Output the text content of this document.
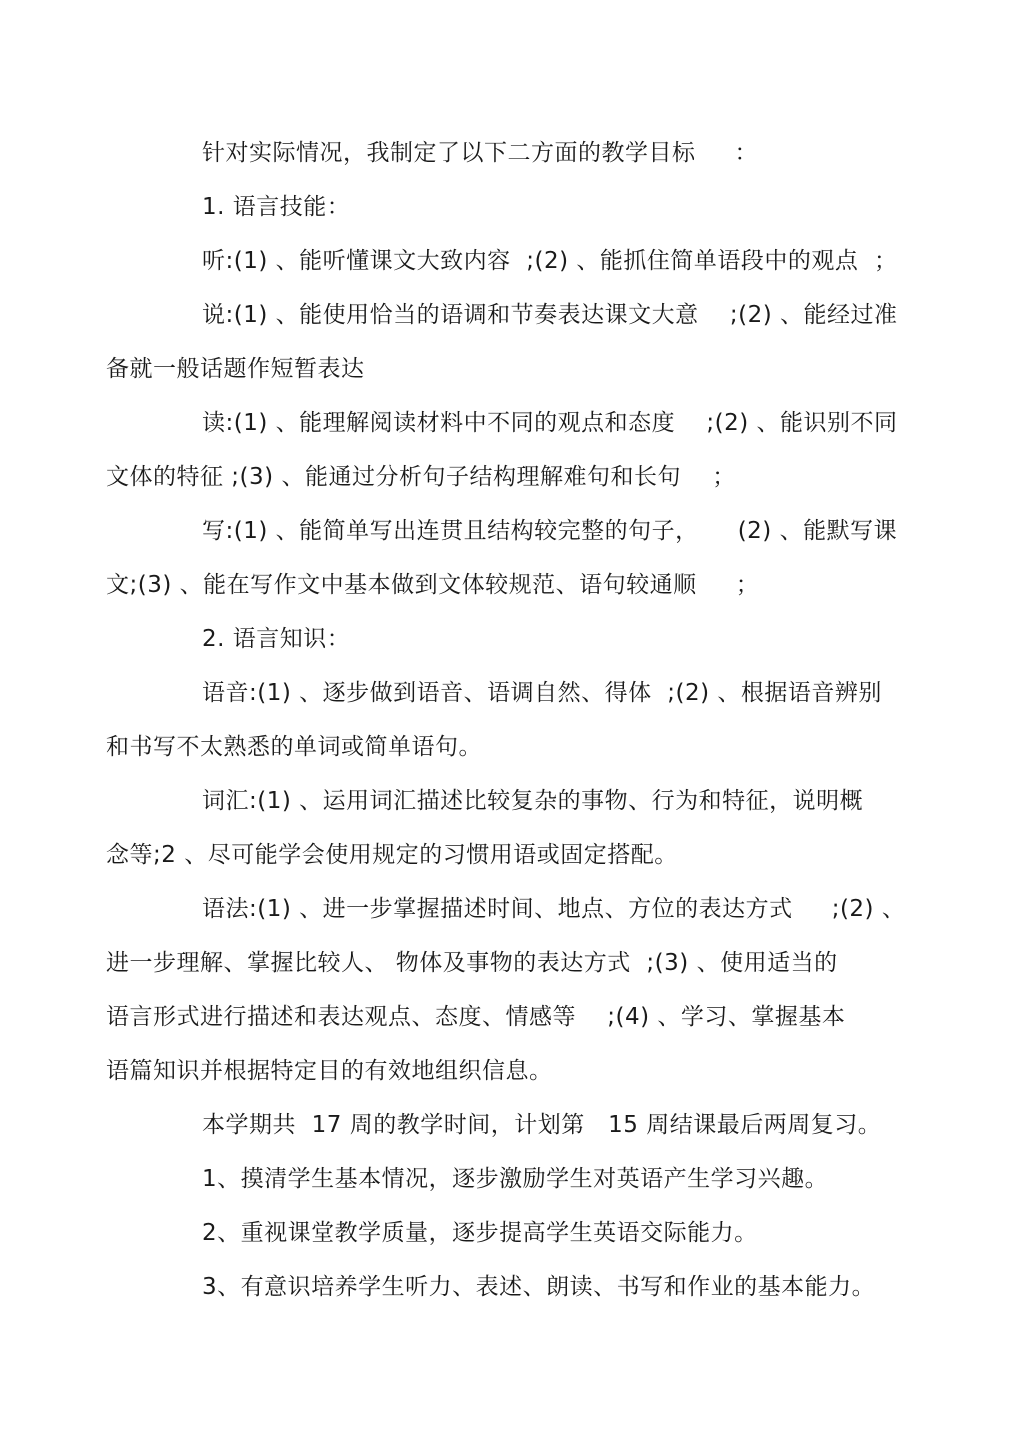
针对实际情况，我制定了以下二方面的教学目标     ：

1. 语言技能：

听:(1) 、能听懂课文大致内容  ;(2) 、能抓住简单语段中的观点  ；

说:(1) 、能使用恰当的语调和节奏表达课文大意    ;(2) 、能经过准
备就一般话题作短暂表达

读:(1) 、能理解阅读材料中不同的观点和态度    ;(2) 、能识别不同
文体的特征 ;(3) 、能通过分析句子结构理解难句和长句    ；

写:(1) 、能简单写出连贯且结构较完整的句子，     (2) 、能默写课
文;(3) 、能在写作文中基本做到文体较规范、语句较通顺     ；

2. 语言知识：

语音:(1) 、逐步做到语音、语调自然、得体  ;(2) 、根据语音辨别
和书写不太熟悉的单词或简单语句。

词汇:(1) 、运用词汇描述比较复杂的事物、行为和特征，说明概
念等;2 、尽可能学会使用规定的习惯用语或固定搭配。

语法:(1) 、进一步掌握描述时间、地点、方位的表达方式     ;(2) 、
进一步理解、掌握比较人、 物体及事物的表达方式  ;(3) 、使用适当的
语言形式进行描述和表达观点、态度、情感等    ;(4) 、学习、掌握基本
语篇知识并根据特定目的有效地组织信息。

本学期共  17 周的教学时间，计划第   15 周结课最后两周复习。

1、摸清学生基本情况，逐步激励学生对英语产生学习兴趣。

2、重视课堂教学质量，逐步提高学生英语交际能力。

3、有意识培养学生听力、表述、朗读、书写和作业的基本能力。
